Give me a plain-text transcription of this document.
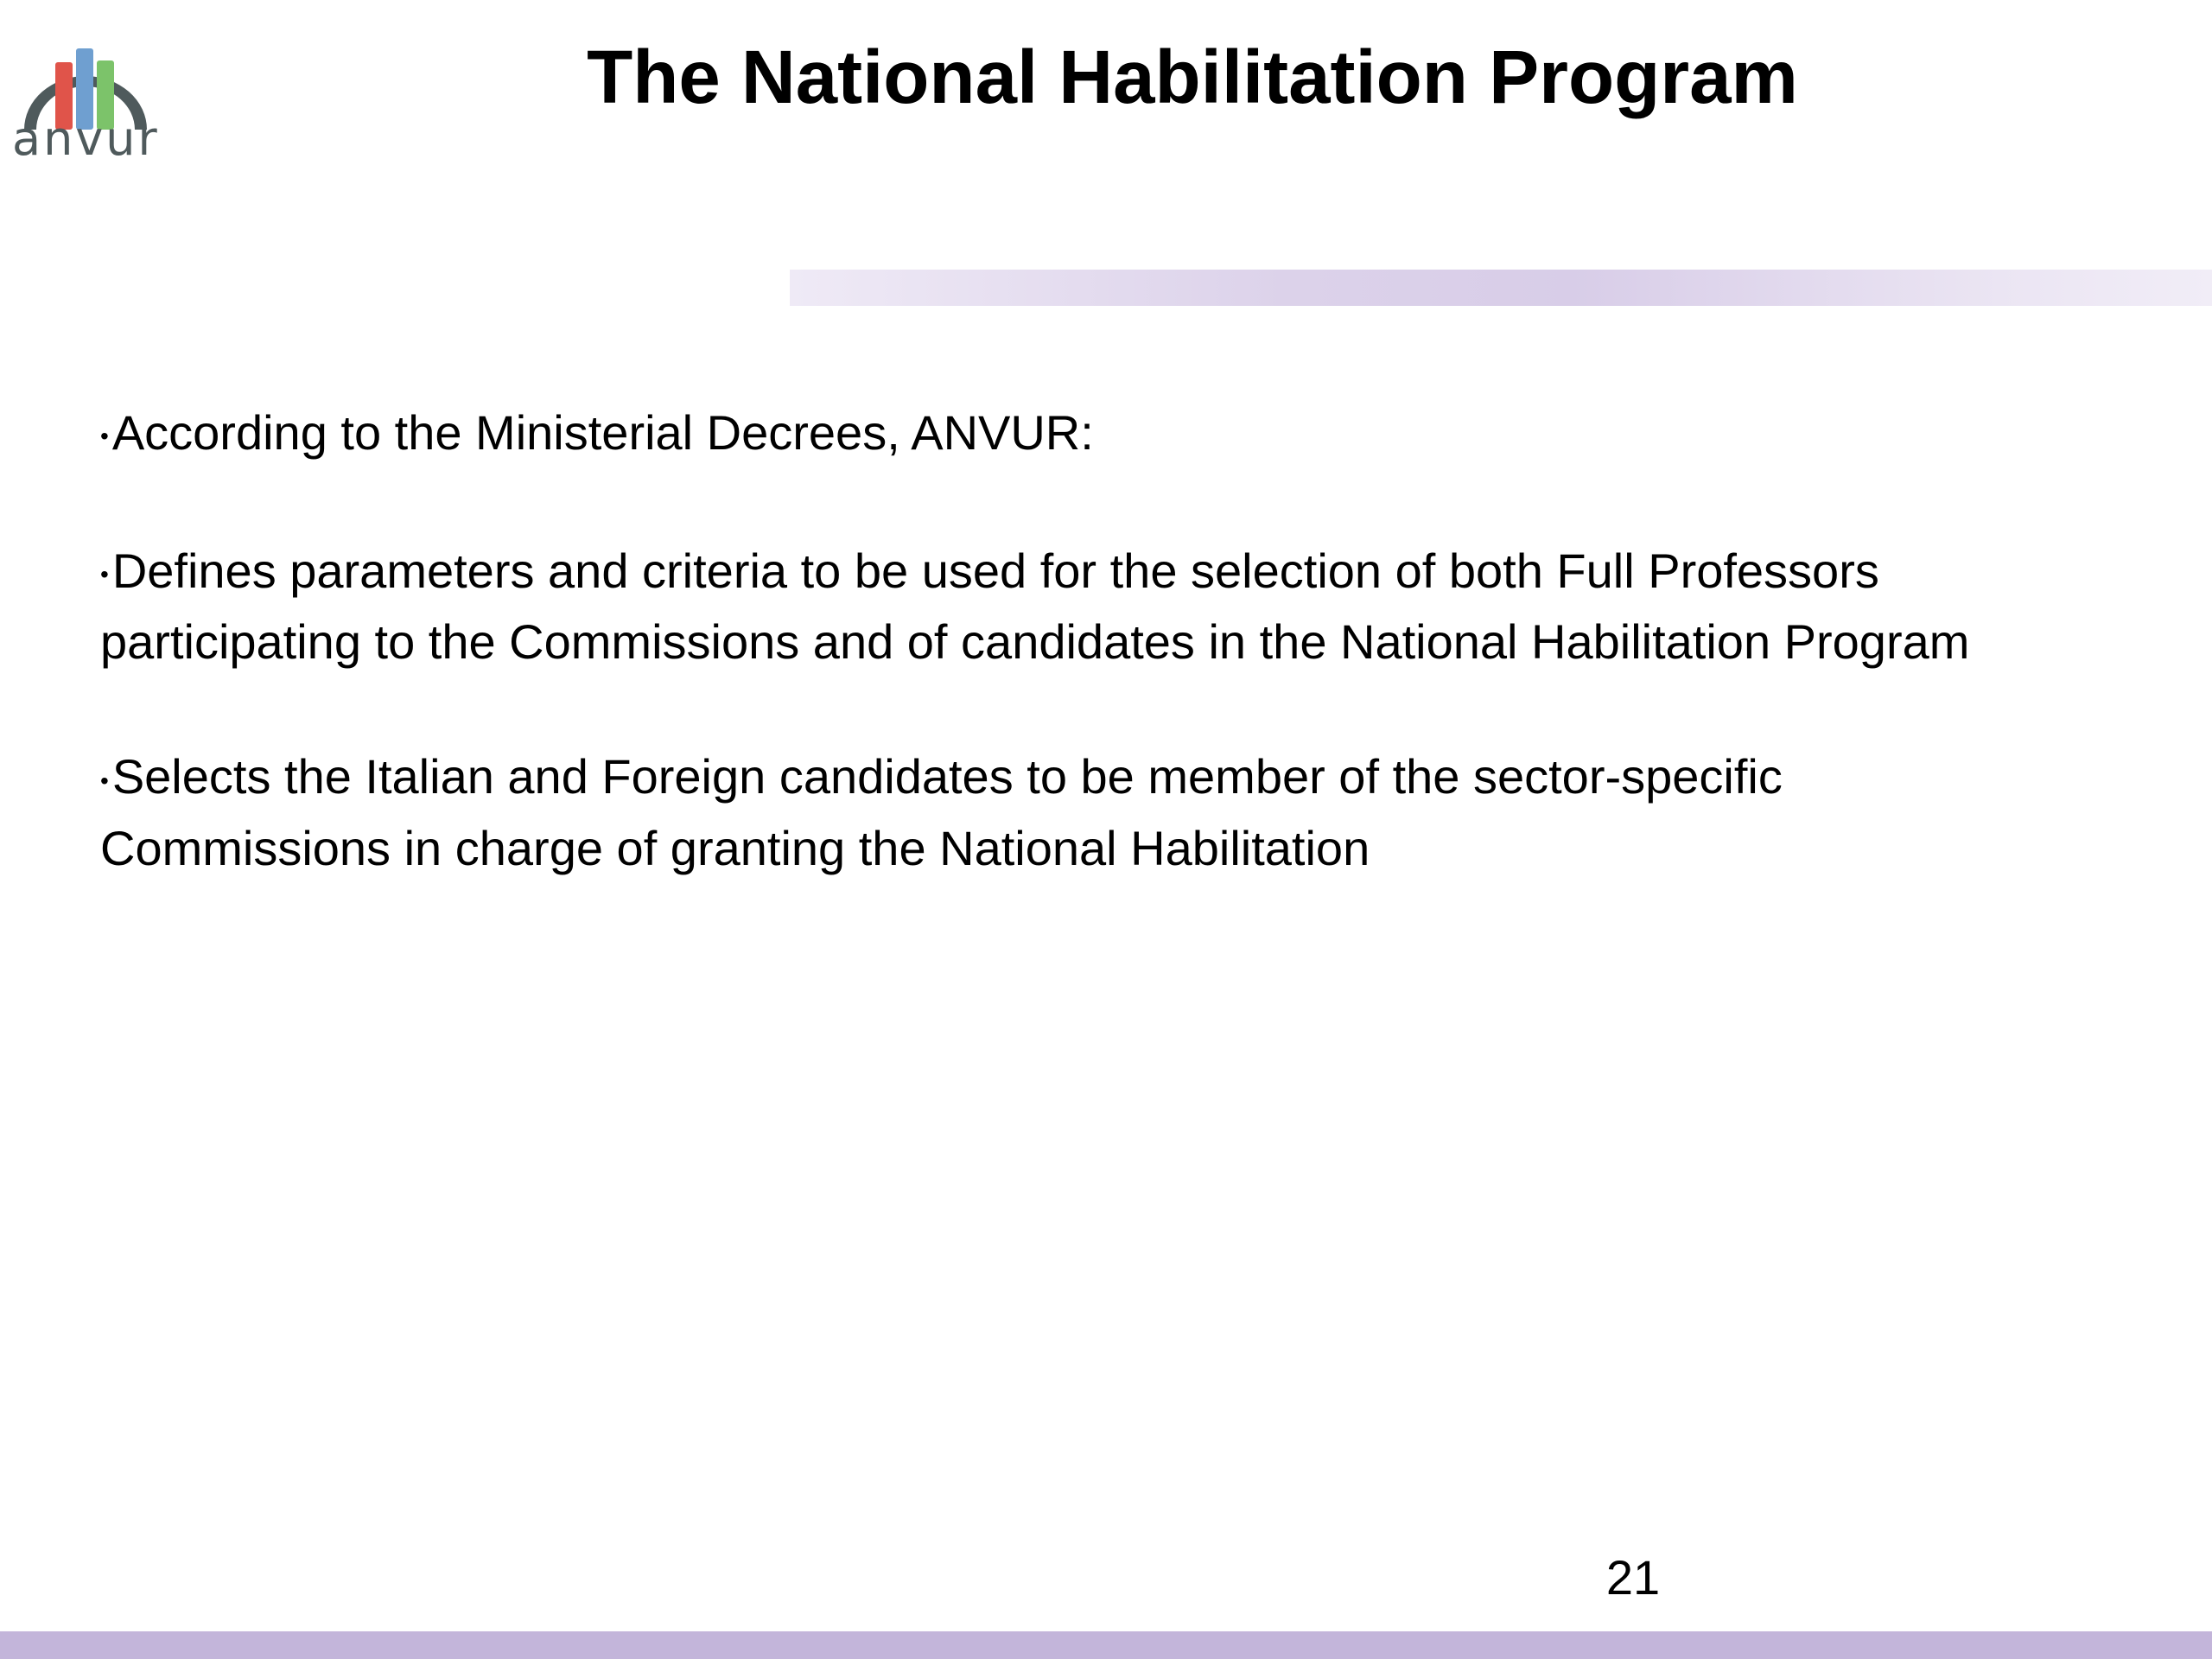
anvur
The National Habilitation Program

•According to the Ministerial Decrees, ANVUR:

•Defines parameters and criteria to be used for the selection of both Full Professors participating to the Commissions and of candidates in the National Habilitation Program

•Selects the Italian and Foreign candidates to be member of the sector-specific Commissions in charge of granting the National Habilitation

21
